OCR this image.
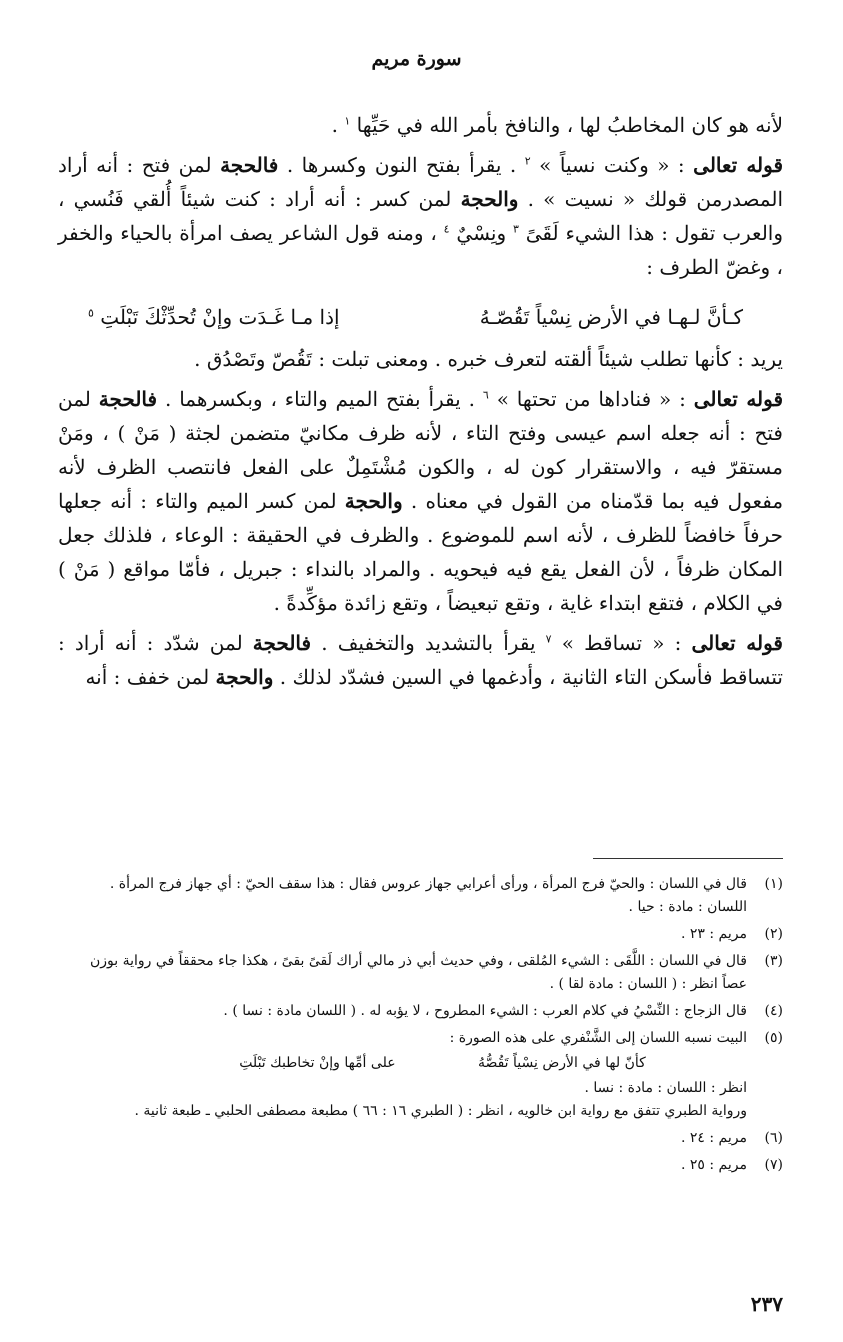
سورة مريم

لأنه هو كان المخاطبُ لها ، والنافخ بأمر الله في حَيِّها $^١$ .

قوله تعالى : « وكنت نسياً » $^٢$ . يقرأ بفتح النون وكسرها . فالحجة لمن فتح : أنه أراد المصدرمن قولك « نسيت » . والحجة لمن كسر : أنه أراد : كنت شيئاً أُلقي فَنُسي ، والعرب تقول : هذا الشيء لَقَىً $^٣$ ونِسْيٌ $^٤$ ، ومنه قول الشاعر يصف امرأة بالحياء والخفر ، وغضّ الطرف :

كـأنَّ لـهـا في الأرض نِسْياً تَقُصّـهُ
إذا مـا غَـدَت وإنْ تُحدِّثْكَ تَبْلَتِ $^٥$

يريد : كأنها تطلب شيئاً ألقته لتعرف خبره . ومعنى تبلت : تَقُصّ وتَصْدُق .

قوله تعالى : « فناداها من تحتها » $^٦$ . يقرأ بفتح الميم والتاء ، وبكسرهما . فالحجة لمن فتح : أنه جعله اسم عيسى وفتح التاء ، لأنه ظرف مكانيّ متضمن لجثة ( مَنْ ) ، ومَنْ مستقرّ فيه ، والاستقرار كون له ، والكون مُشْتَمِلٌ على الفعل فانتصب الظرف لأنه مفعول فيه بما قدّمناه من القول في معناه . والحجة لمن كسر الميم والتاء : أنه جعلها حرفاً خافضاً للظرف ، لأنه اسم للموضوع . والظرف في الحقيقة : الوعاء ، فلذلك جعل المكان ظرفاً ، لأن الفعل يقع فيه فيحويه . والمراد بالنداء : جبريل ، فأمّا مواقع ( مَنْ ) في الكلام ، فتقع ابتداء غاية ، وتقع تبعيضاً ، وتقع زائدة مؤكِّدةً .

قوله تعالى : « تساقط » $^٧$ يقرأ بالتشديد والتخفيف . فالحجة لمن شدّد : أنه أراد : تتساقط فأسكن التاء الثانية ، وأدغمها في السين فشدّد لذلك . والحجة لمن خفف : أنه

(١)
قال في اللسان : والحيّ فرج المرأة ، ورأى أعرابي جهاز عروس فقال : هذا سقف الحيّ : أي جهاز فرج المرأة .
اللسان : مادة : حيا .
(٢)
مريم : ٢٣ .
(٣)
قال في اللسان : اللَّقَى : الشيء المُلقى ، وفي حديث أبي ذر مالي أراك لَقىً بقىً ، هكذا جاء محققاً في رواية بوزن
عصاً انظر : ( اللسان : مادة لقا ) .
(٤)
قال الزجاج : النِّسْيُ في كلام العرب : الشيء المطروح ، لا يؤبه له . ( اللسان مادة : نسا ) .
(٥)
البيت نسبه اللسان إلى الشَّنْفري على هذه الصورة :
كأنّ لها في الأرض نِسْياً تَقُصُّهُ
على أمِّها وإنْ تخاطبك تَبْلَتِ
انظر : اللسان : مادة : نسا .
ورواية الطبري تتفق مع رواية ابن خالويه ، انظر : ( الطبري ١٦ : ٦٦ ) مطبعة مصطفى الحلبي ـ طبعة ثانية .
(٦)
مريم : ٢٤ .
(٧)
مريم : ٢٥ .
٢٣٧
